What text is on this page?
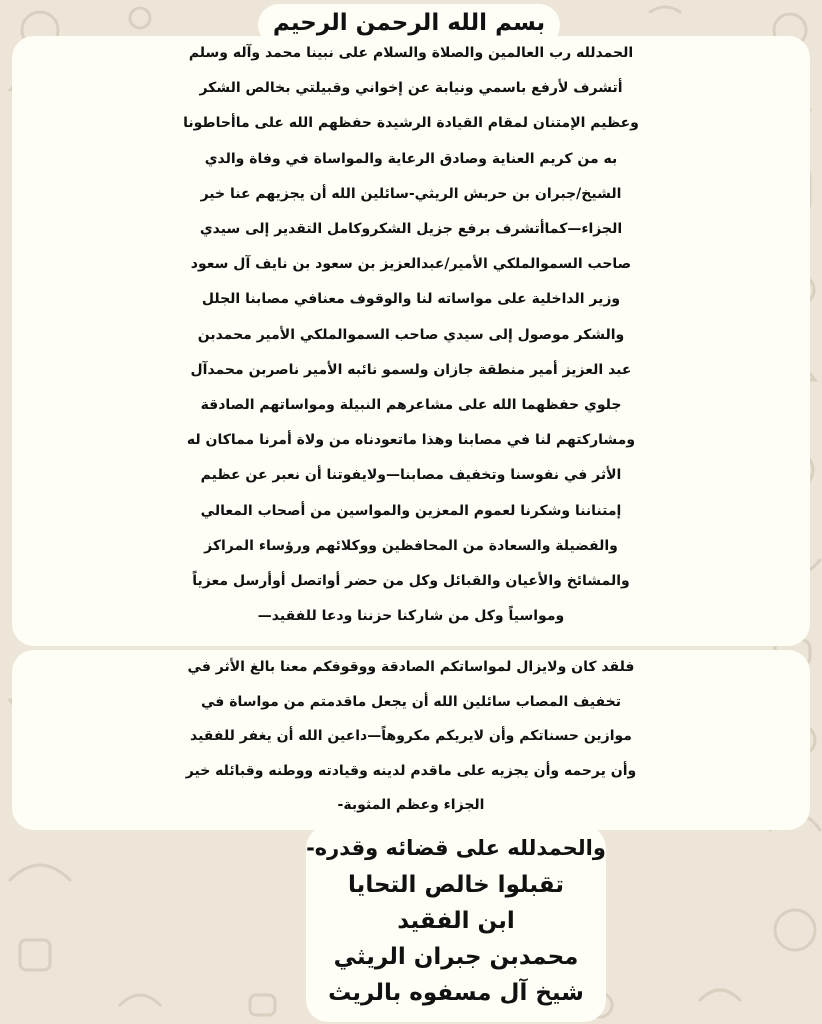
بسم الله الرحمن الرحيم
الحمدلله رب العالمين والصلاة والسلام على نبينا محمد وآله وسلم
أتشرف لأرفع باسمي ونيابة عن إخواني وقبيلتي بخالص الشكر
وعظيم الإمتنان لمقام القيادة الرشيدة حفظهم الله على ماأحاطونا
به من كريم العناية وصادق الرعاية والمواساة في وفاة والدي
الشيخ/جبران بن حربش الريثي-سائلين الله أن يجزيهم عنا خير
الجزاء—كماأتشرف برفع جزيل الشكروكامل التقدير إلى سيدي
صاحب السموالملكي الأمير/عبدالعزيز بن سعود بن نايف آل سعود
وزير الداخلية على مواساته لنا والوقوف معنافي مصابنا الجلل
والشكر موصول إلى سيدي صاحب السموالملكي الأمير محمدبن
عبد العزيز أمير منطقة جازان ولسمو نائبه الأمير ناصربن محمدآل
جلوي حفظهما الله على مشاعرهم النبيلة ومواساتهم الصادقة
ومشاركتهم لنا في مصابنا وهذا ماتعودناه من ولاة أمرنا مماكان له
الأثر في نفوسنا وتخفيف مصابنا—ولايفوتنا أن نعبر عن عظيم
إمتناننا وشكرنا لعموم المعزين والمواسين من أصحاب المعالي
والفضيلة والسعادة من المحافظين ووكلائهم ورؤساء المراكز
والمشائخ والأعيان والقبائل وكل من حضر أواتصل أوأرسل معزياً
ومواسياً وكل من شاركنا حزننا ودعا للفقيد—
فلقد كان ولايزال لمواساتكم الصادقة ووقوفكم معنا بالغ الأثر في
تخفيف المصاب سائلين الله أن يجعل ماقدمتم من مواساة في
موازين حسناتكم وأن لايريكم مكروهاً—داعين الله أن يغفر للفقيد
وأن يرحمه وأن يجزيه على ماقدم لدينه وقيادته ووطنه وقبائله خير
الجزاء وعظم المثوبة-
والحمدلله على قضائه وقدره-
تقبلوا خالص التحايا
ابن الفقيد
محمدبن جبران الريثي
شيخ آل مسفوه بالريث
